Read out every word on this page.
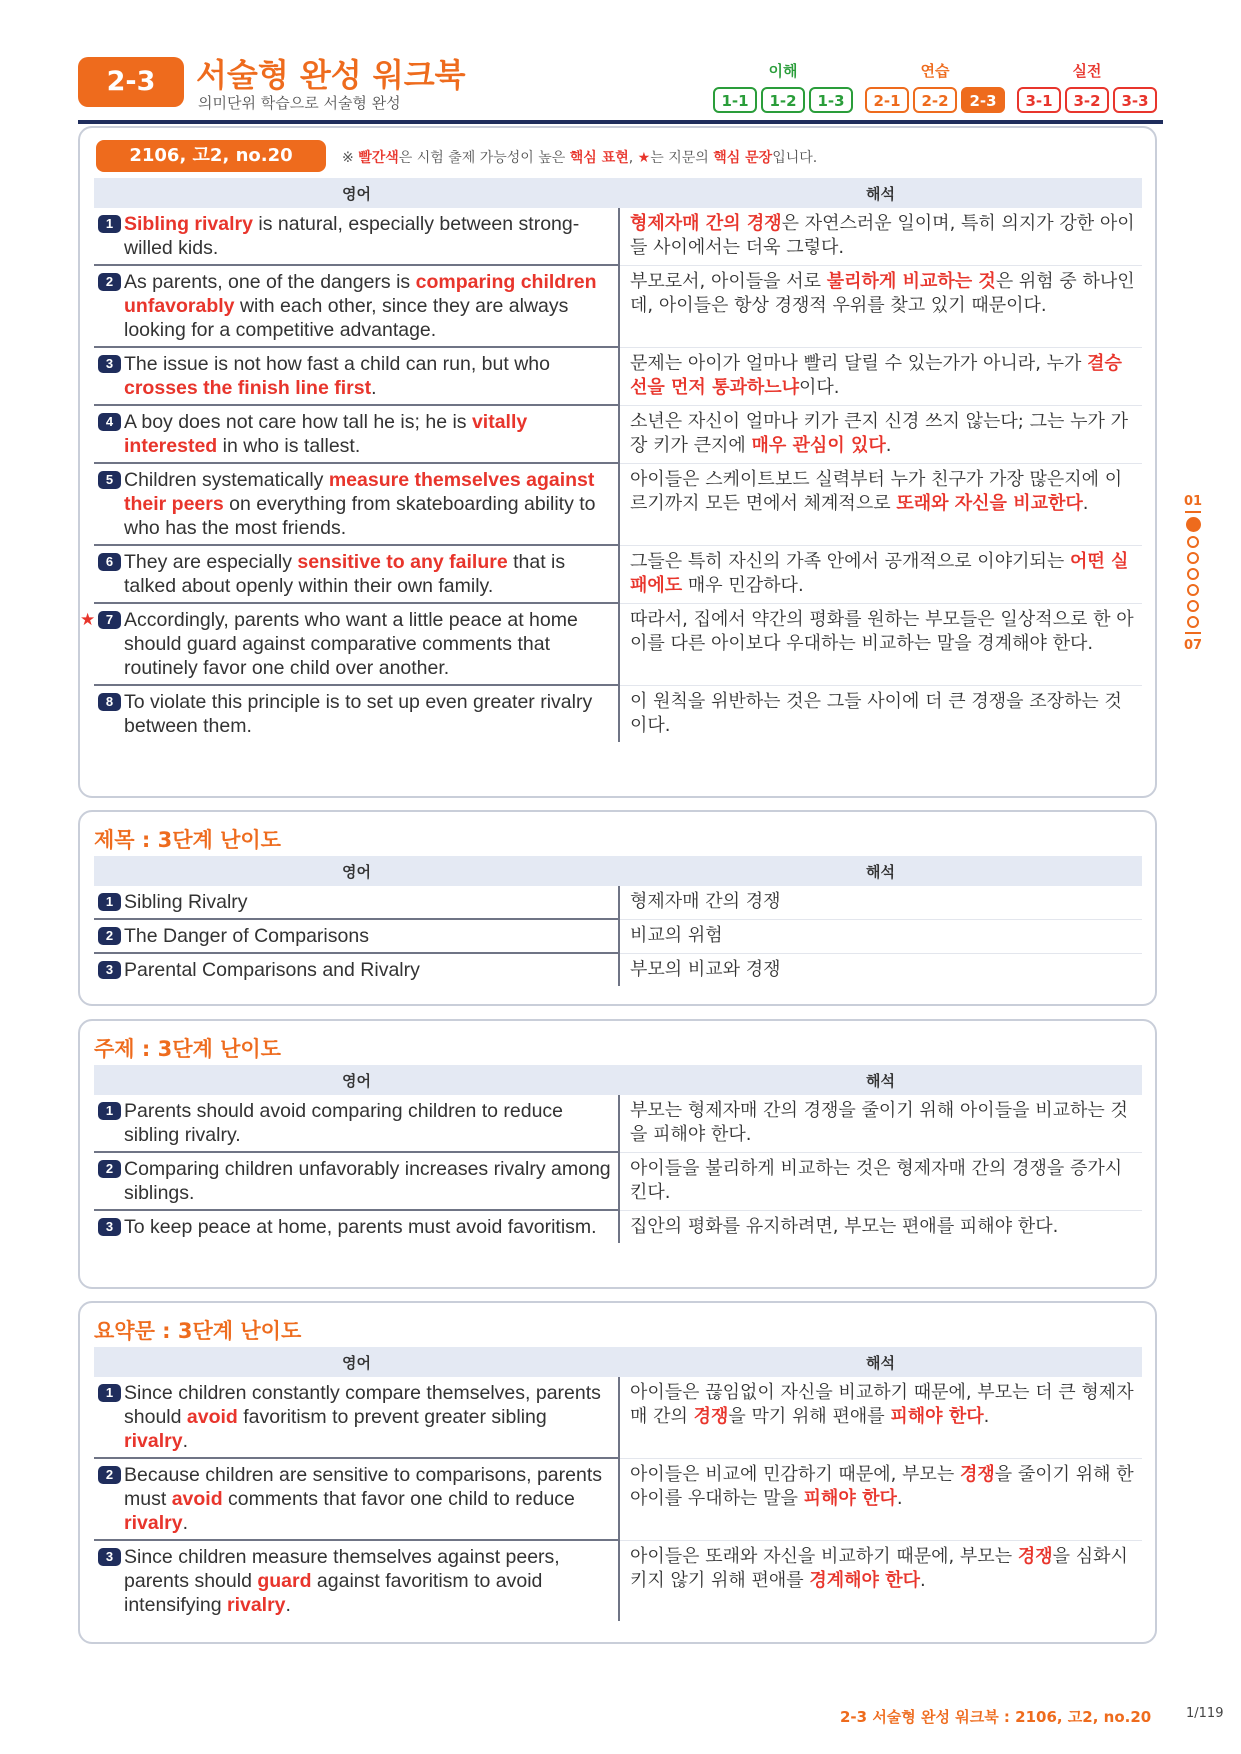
2-3	서술형 완성 워크북
의미단위 학습으로 서술형 완성
이해
1-1	1-2	1-3
연습
2-1	2-2	2-3
실전
3-1	3-2	3-3
2106, 고2, no.20	※ 빨간색은 시험 출제 가능성이 높은 핵심 표현, ★는 지문의 핵심 문장입니다.
영어	해석

1 Sibling rivalry is natural, especially between strong-willed kids.	형제자매 간의 경쟁은 자연스러운 일이며, 특히 의지가 강한 아이들 사이에서는 더욱 그렇다.

2 As parents, one of the dangers is comparing children unfavorably with each other, since they are always looking for a competitive advantage.	부모로서, 아이들을 서로 불리하게 비교하는 것은 위험 중 하나인데, 아이들은 항상 경쟁적 우위를 찾고 있기 때문이다.

3 The issue is not how fast a child can run, but who crosses the finish line first.	문제는 아이가 얼마나 빨리 달릴 수 있는가가 아니라, 누가 결승선을 먼저 통과하느냐이다.

4 A boy does not care how tall he is; he is vitally interested in who is tallest.	소년은 자신이 얼마나 키가 큰지 신경 쓰지 않는다; 그는 누가 가장 키가 큰지에 매우 관심이 있다.

5 Children systematically measure themselves against their peers on everything from skateboarding ability to who has the most friends.	아이들은 스케이트보드 실력부터 누가 친구가 가장 많은지에 이르기까지 모든 면에서 체계적으로 또래와 자신을 비교한다.

6 They are especially sensitive to any failure that is talked about openly within their own family.	그들은 특히 자신의 가족 안에서 공개적으로 이야기되는 어떤 실패에도 매우 민감하다.

★ 7 Accordingly, parents who want a little peace at home should guard against comparative comments that routinely favor one child over another.	따라서, 집에서 약간의 평화를 원하는 부모들은 일상적으로 한 아이를 다른 아이보다 우대하는 비교하는 말을 경계해야 한다.

8 To violate this principle is to set up even greater rivalry between them.	이 원칙을 위반하는 것은 그들 사이에 더 큰 경쟁을 조장하는 것이다.
제목 : 3단계 난이도
영어	해석

1 Sibling Rivalry	형제자매 간의 경쟁

2 The Danger of Comparisons	비교의 위험

3 Parental Comparisons and Rivalry	부모의 비교와 경쟁
주제 : 3단계 난이도
영어	해석

1 Parents should avoid comparing children to reduce sibling rivalry.	부모는 형제자매 간의 경쟁을 줄이기 위해 아이들을 비교하는 것을 피해야 한다.

2 Comparing children unfavorably increases rivalry among siblings.	아이들을 불리하게 비교하는 것은 형제자매 간의 경쟁을 증가시킨다.

3 To keep peace at home, parents must avoid favoritism.	집안의 평화를 유지하려면, 부모는 편애를 피해야 한다.
요약문 : 3단계 난이도
영어	해석

1 Since children constantly compare themselves, parents should avoid favoritism to prevent greater sibling rivalry.	아이들은 끊임없이 자신을 비교하기 때문에, 부모는 더 큰 형제자매 간의 경쟁을 막기 위해 편애를 피해야 한다.

2 Because children are sensitive to comparisons, parents must avoid comments that favor one child to reduce rivalry.	아이들은 비교에 민감하기 때문에, 부모는 경쟁을 줄이기 위해 한 아이를 우대하는 말을 피해야 한다.

3 Since children measure themselves against peers, parents should guard against favoritism to avoid intensifying rivalry.	아이들은 또래와 자신을 비교하기 때문에, 부모는 경쟁을 심화시키지 않기 위해 편애를 경계해야 한다.
01
07
2-3 서술형 완성 워크북 : 2106, 고2, no.20	1/119
